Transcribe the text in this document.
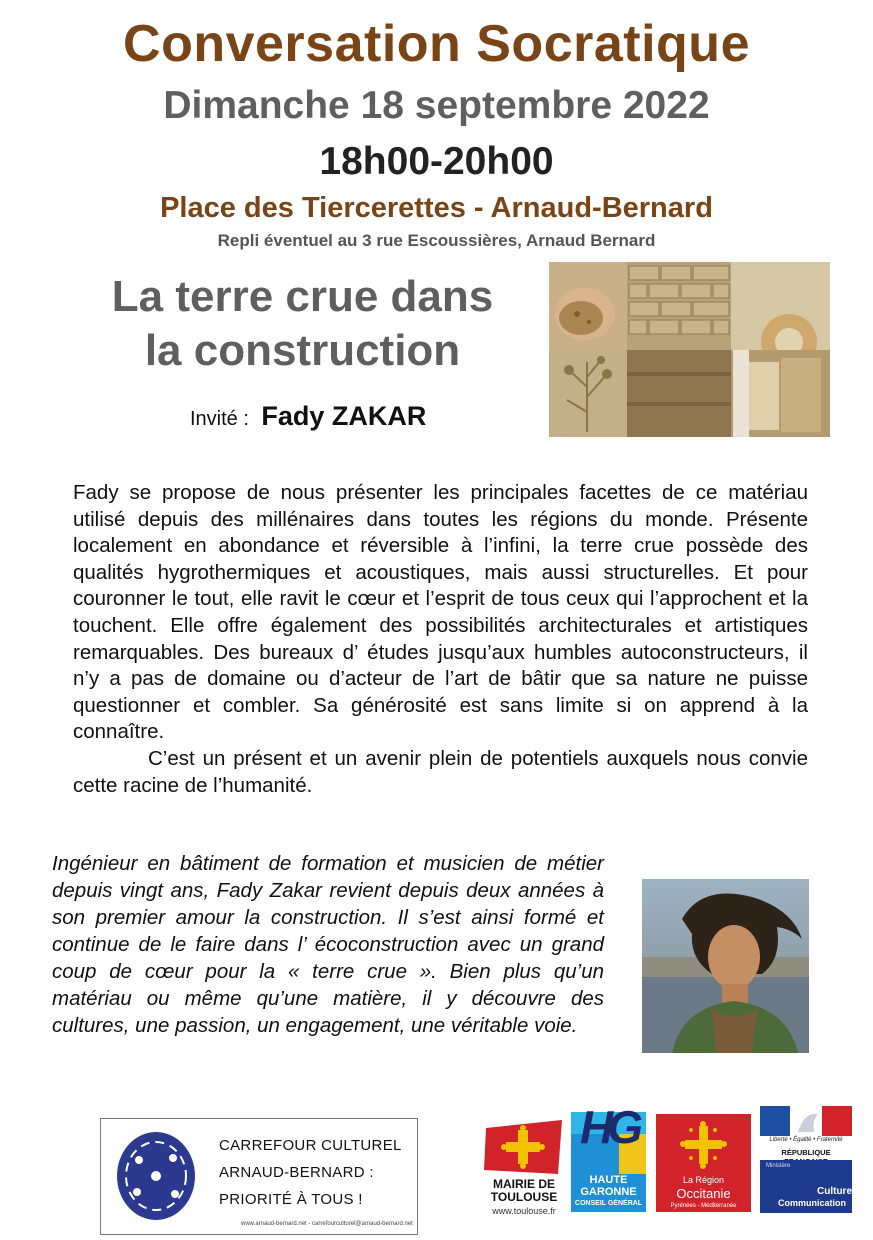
Conversation Socratique
Dimanche 18 septembre 2022
18h00-20h00
Place des Tiercerettes - Arnaud-Bernard
Repli éventuel au 3 rue Escoussières, Arnaud Bernard
La terre crue dans
la construction
Invité : Fady ZAKAR

Fady se propose de nous présenter les principales facettes de ce matériau utilisé depuis des millénaires dans toutes les régions du monde. Présente localement en abondance et réversible à l’infini, la terre crue possède des qualités hygrothermiques et acoustiques, mais aussi structurelles. Et pour couronner le tout, elle ravit le cœur et l’esprit de tous ceux qui l’approchent et la touchent. Elle offre également des possibilités architecturales et artistiques remarquables. Des bureaux d’ études jusqu’aux humbles autoconstructeurs, il n’y a pas de domaine ou d’acteur de l’art de bâtir que sa nature ne puisse questionner et combler. Sa générosité est sans limite si on apprend à la connaître.

C’est un présent et un avenir plein de potentiels auxquels nous convie cette racine de l’humanité.

Ingénieur en bâtiment de formation et musicien de métier depuis vingt ans, Fady Zakar revient depuis deux années à son premier amour la construction. Il s’est ainsi formé et continue de le faire dans l’ écoconstruction avec un grand coup de cœur pour la « terre crue ». Bien plus qu’un matériau ou même qu’une matière, il y découvre des cultures, une passion, un engagement, une véritable voie.
CARREFOUR CULTUREL
ARNAUD-BERNARD :
PRIORITÉ À TOUS !
www.arnaud-bernard.net - carrefourculturel@arnaud-bernard.net
MAIRIE DE
TOULOUSE
www.toulouse.fr
HG
HAUTE
GARONNE
CONSEIL GÉNÉRAL
La Région
Occitanie
Pyrénées - Méditerranée
Liberté • Égalité • Fraternité
RÉPUBLIQUE
Ministère
Culture
Communication
